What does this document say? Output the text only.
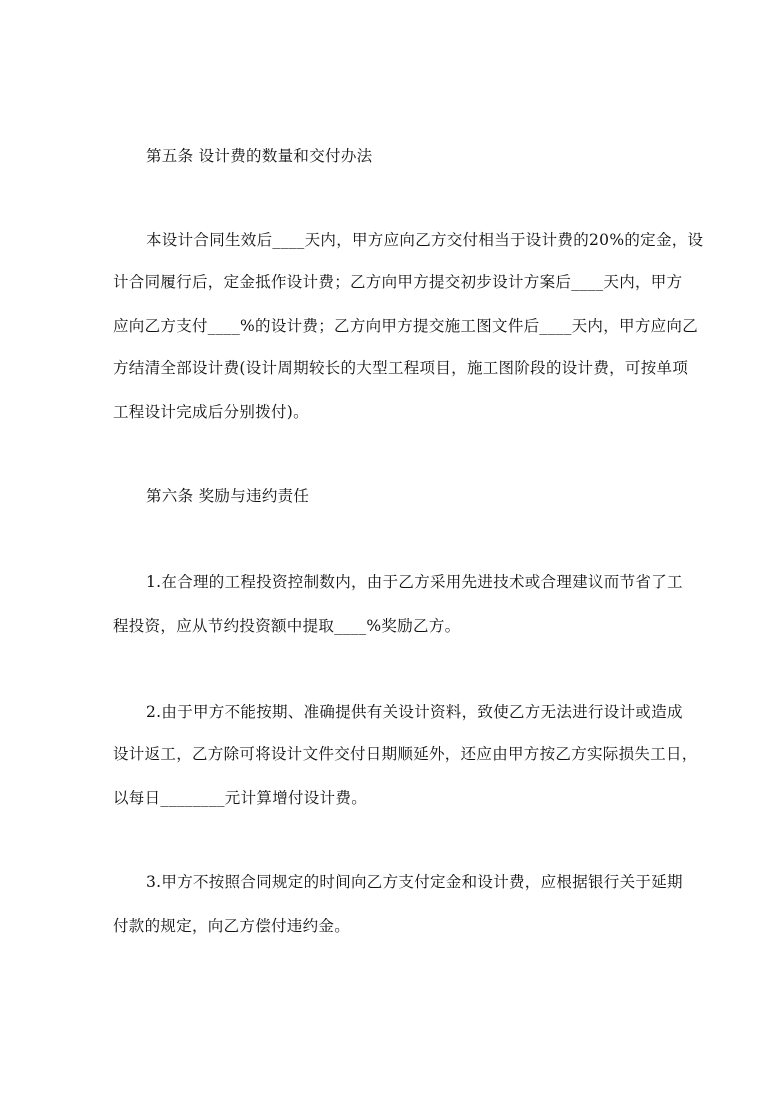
第五条 设计费的数量和交付办法
本设计合同生效后____天内，甲方应向乙方交付相当于设计费的20%的定金，设
计合同履行后，定金抵作设计费；乙方向甲方提交初步设计方案后____天内，甲方
应向乙方支付____%的设计费；乙方向甲方提交施工图文件后____天内，甲方应向乙
方结清全部设计费(设计周期较长的大型工程项目，施工图阶段的设计费，可按单项
工程设计完成后分别拨付)。
第六条 奖励与违约责任
1.在合理的工程投资控制数内，由于乙方采用先进技术或合理建议而节省了工
程投资，应从节约投资额中提取____%奖励乙方。
2.由于甲方不能按期、准确提供有关设计资料，致使乙方无法进行设计或造成
设计返工，乙方除可将设计文件交付日期顺延外，还应由甲方按乙方实际损失工日，
以每日________元计算增付设计费。
3.甲方不按照合同规定的时间向乙方支付定金和设计费，应根据银行关于延期
付款的规定，向乙方偿付违约金。
